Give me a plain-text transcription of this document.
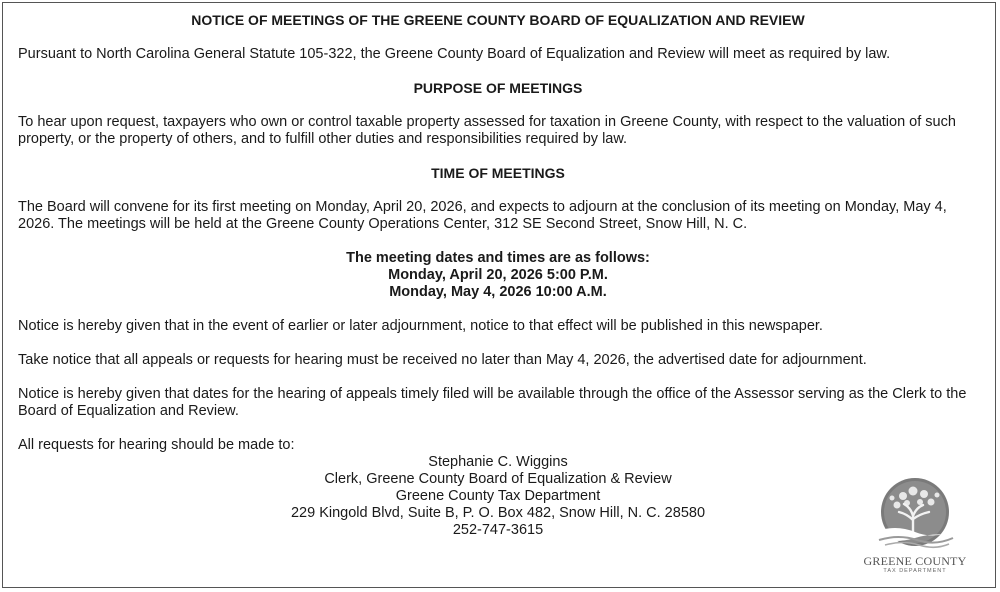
NOTICE OF MEETINGS OF THE GREENE COUNTY BOARD OF EQUALIZATION AND REVIEW

Pursuant to North Carolina General Statute 105-322, the Greene County Board of Equalization and Review will meet as required by law.

PURPOSE OF MEETINGS

To hear upon request, taxpayers who own or control taxable property assessed for taxation in Greene County, with respect to the valuation of such property, or the property of others, and to fulfill other duties and responsibilities required by law.

TIME OF MEETINGS

The Board will convene for its first meeting on Monday, April 20, 2026, and expects to adjourn at the conclusion of its meeting on Monday, May 4, 2026. The meetings will be held at the Greene County Operations Center, 312 SE Second Street, Snow Hill, N. C.

The meeting dates and times are as follows:
Monday, April 20, 2026 5:00 P.M.
Monday, May 4, 2026 10:00 A.M.

Notice is hereby given that in the event of earlier or later adjournment, notice to that effect will be published in this newspaper.

Take notice that all appeals or requests for hearing must be received no later than May 4, 2026, the advertised date for adjournment.

Notice is hereby given that dates for the hearing of appeals timely filed will be available through the office of the Assessor serving as the Clerk to the Board of Equalization and Review.

All requests for hearing should be made to:

Stephanie C. Wiggins
Clerk, Greene County Board of Equalization & Review
Greene County Tax Department
229 Kingold Blvd, Suite B, P. O. Box 482, Snow Hill, N. C. 28580
252-747-3615
GREENE COUNTY
TAX DEPARTMENT
